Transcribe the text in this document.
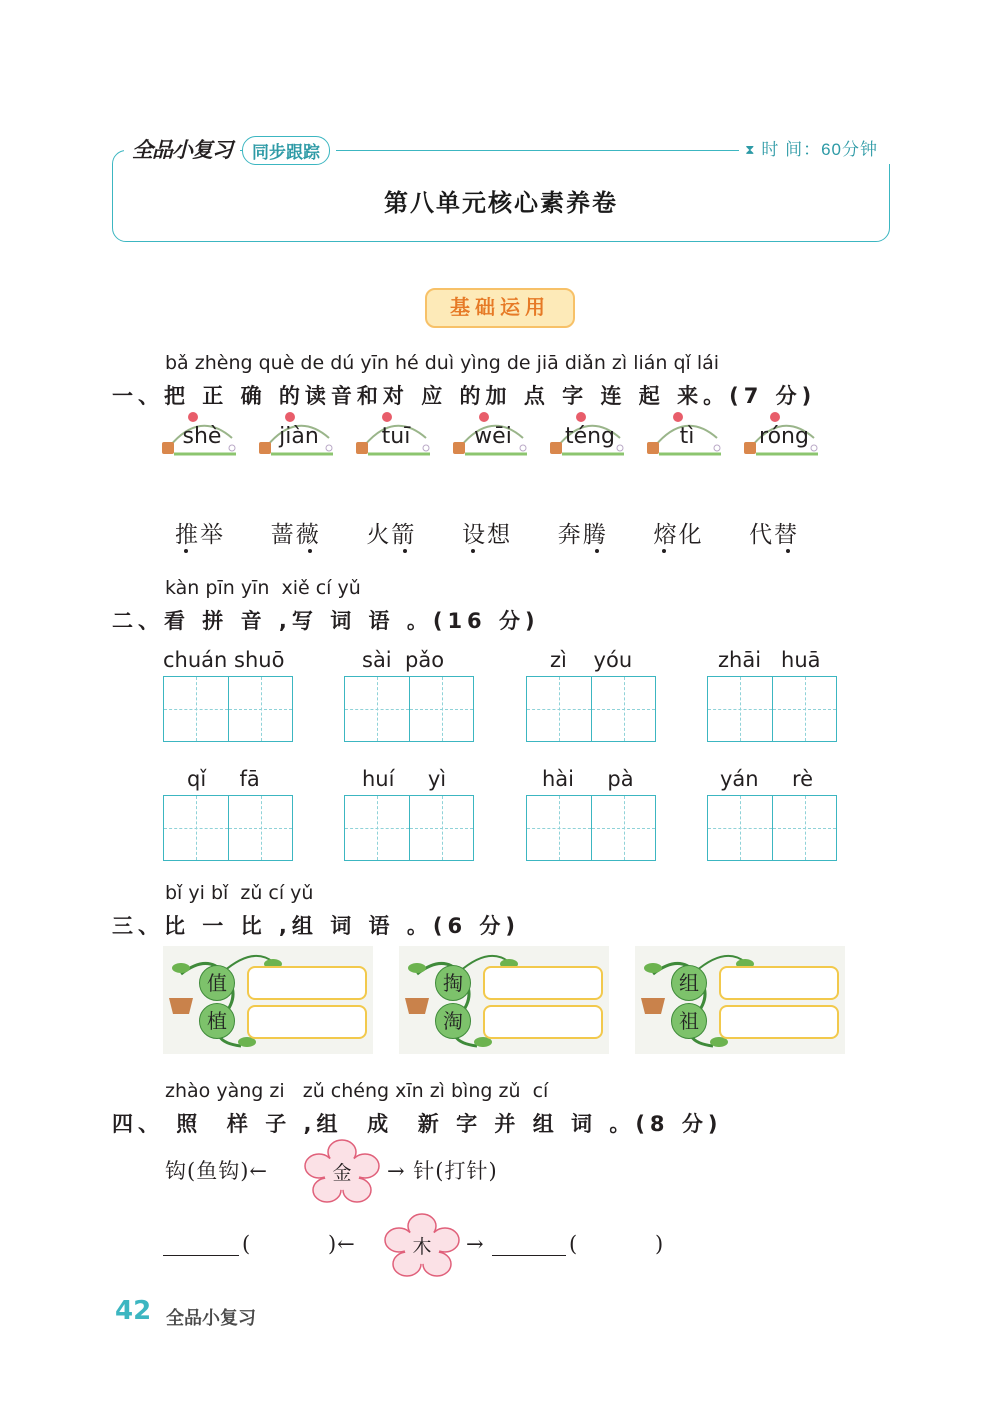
全品小复习	同步跟踪	⧗ 时 间：60分钟
第八单元核心素养卷
基础运用
bǎ zhèng què de dú yīn hé duì yìng de jiā diǎn zì lián qǐ lái
一、把 正 确 的读音和对 应 的加 点 字 连 起 来。(7 分)
shè	jiàn	tuī	wēi	téng	tì	róng
推举	蔷薇	火箭	设想	奔腾	熔化	代替
kàn pīn yīn  xiě cí yǔ
二、看 拼 音 ,写 词 语 。(16 分)
chuán shuō	sài  pǎo	zì    yóu	zhāi   huā
qǐ     fā	huí     yì	hài     pà	yán     rè
bǐ yi bǐ  zǔ cí yǔ
三、比 一 比 ,组 词 语 。(6 分)
值
植
掏
淘
组
祖
zhào yàng zi   zǔ chéng xīn zì bìng zǔ  cí
四、 照  样 子 ,组  成  新 字 并 组 词 。(8 分)
钩(鱼钩)←	金	→ 针(打针)
(          )←	木	→	(          )
42 全品小复习
